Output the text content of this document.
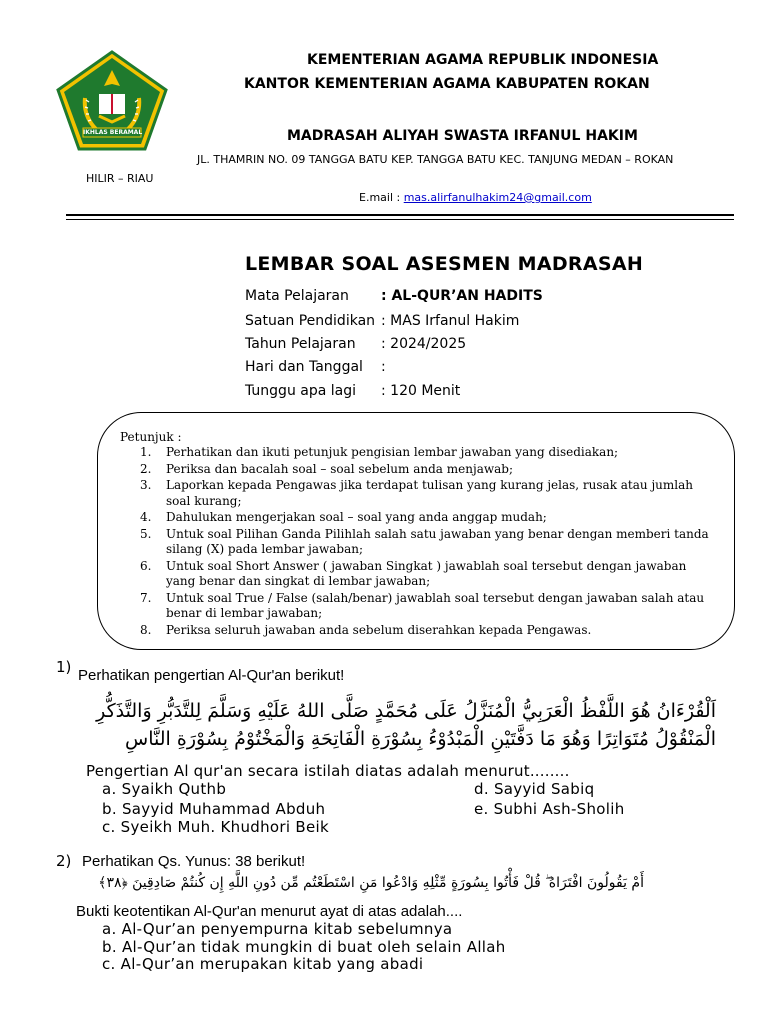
IKHLAS BERAMAL
KEMENTERIAN AGAMA REPUBLIK INDONESIA
KANTOR KEMENTERIAN AGAMA KABUPATEN ROKAN
MADRASAH ALIYAH SWASTA IRFANUL HAKIM
JL. THAMRIN NO. 09 TANGGA BATU KEP. TANGGA BATU KEC. TANJUNG MEDAN – ROKAN
HILIR – RIAU
E.mail : mas.alirfanulhakim24@gmail.com
LEMBAR SOAL ASESMEN MADRASAH
Mata Pelajaran : AL-QUR’AN HADITS
Satuan Pendidikan : MAS Irfanul Hakim
Tahun Pelajaran : 2024/2025
Hari dan Tanggal :
Tunggu apa lagi : 120 Menit
Petunjuk :
1. Perhatikan dan ikuti petunjuk pengisian lembar jawaban yang disediakan;
2. Periksa dan bacalah soal – soal sebelum anda menjawab;
3. Laporkan kepada Pengawas jika terdapat tulisan yang kurang jelas, rusak atau jumlah soal kurang;
4. Dahulukan mengerjakan soal – soal yang anda anggap mudah;
5. Untuk soal Pilihan Ganda Pilihlah salah satu jawaban yang benar dengan memberi tanda silang (X) pada lembar jawaban;
6. Untuk soal Short Answer ( jawaban Singkat ) jawablah soal tersebut dengan jawaban yang benar dan singkat di lembar jawaban;
7. Untuk soal True / False (salah/benar) jawablah soal tersebut dengan jawaban salah atau benar di lembar jawaban;
8. Periksa seluruh jawaban anda sebelum diserahkan kepada Pengawas.
1) Perhatikan pengertian Al-Qur'an berikut!
اَلْقُرْءَانُ هُوَ اللَّفْظُ الْعَرَبِيُّ الْمُنَزَّلُ عَلَى مُحَمَّدٍ صَلَّى اللهُ عَلَيْهِ وَسَلَّمَ لِلتَّدَبُّرِ وَالتَّذَكُّرِ
الْمَنْقُوْلُ مُتَوَاتِرًا وَهُوَ مَا دَفَّتَيْنِ الْمَبْدُوْءُ بِسُوْرَةِ الْفَاتِحَةِ وَالْمَخْتُوْمُ بِسُوْرَةِ النَّاسِ
Pengertian Al qur'an secara istilah diatas adalah menurut........
a. Syaikh Quthb	d. Sayyid Sabiq
b. Sayyid Muhammad Abduh	e. Subhi Ash-Sholih
c. Syeikh Muh. Khudhori Beik
2) Perhatikan Qs. Yunus: 38 berikut!
أَمْ يَقُولُونَ افْتَرَاهُ ۖ قُلْ فَأْتُوا بِسُورَةٍ مِّثْلِهِ وَادْعُوا مَنِ اسْتَطَعْتُم مِّن دُونِ اللَّهِ إِن كُنتُمْ صَادِقِينَ ﴿٣٨﴾
Bukti keotentikan Al-Qur'an menurut ayat di atas adalah....
a. Al-Qur’an penyempurna kitab sebelumnya
b. Al-Qur’an tidak mungkin di buat oleh selain Allah
c. Al-Qur’an merupakan kitab yang abadi
